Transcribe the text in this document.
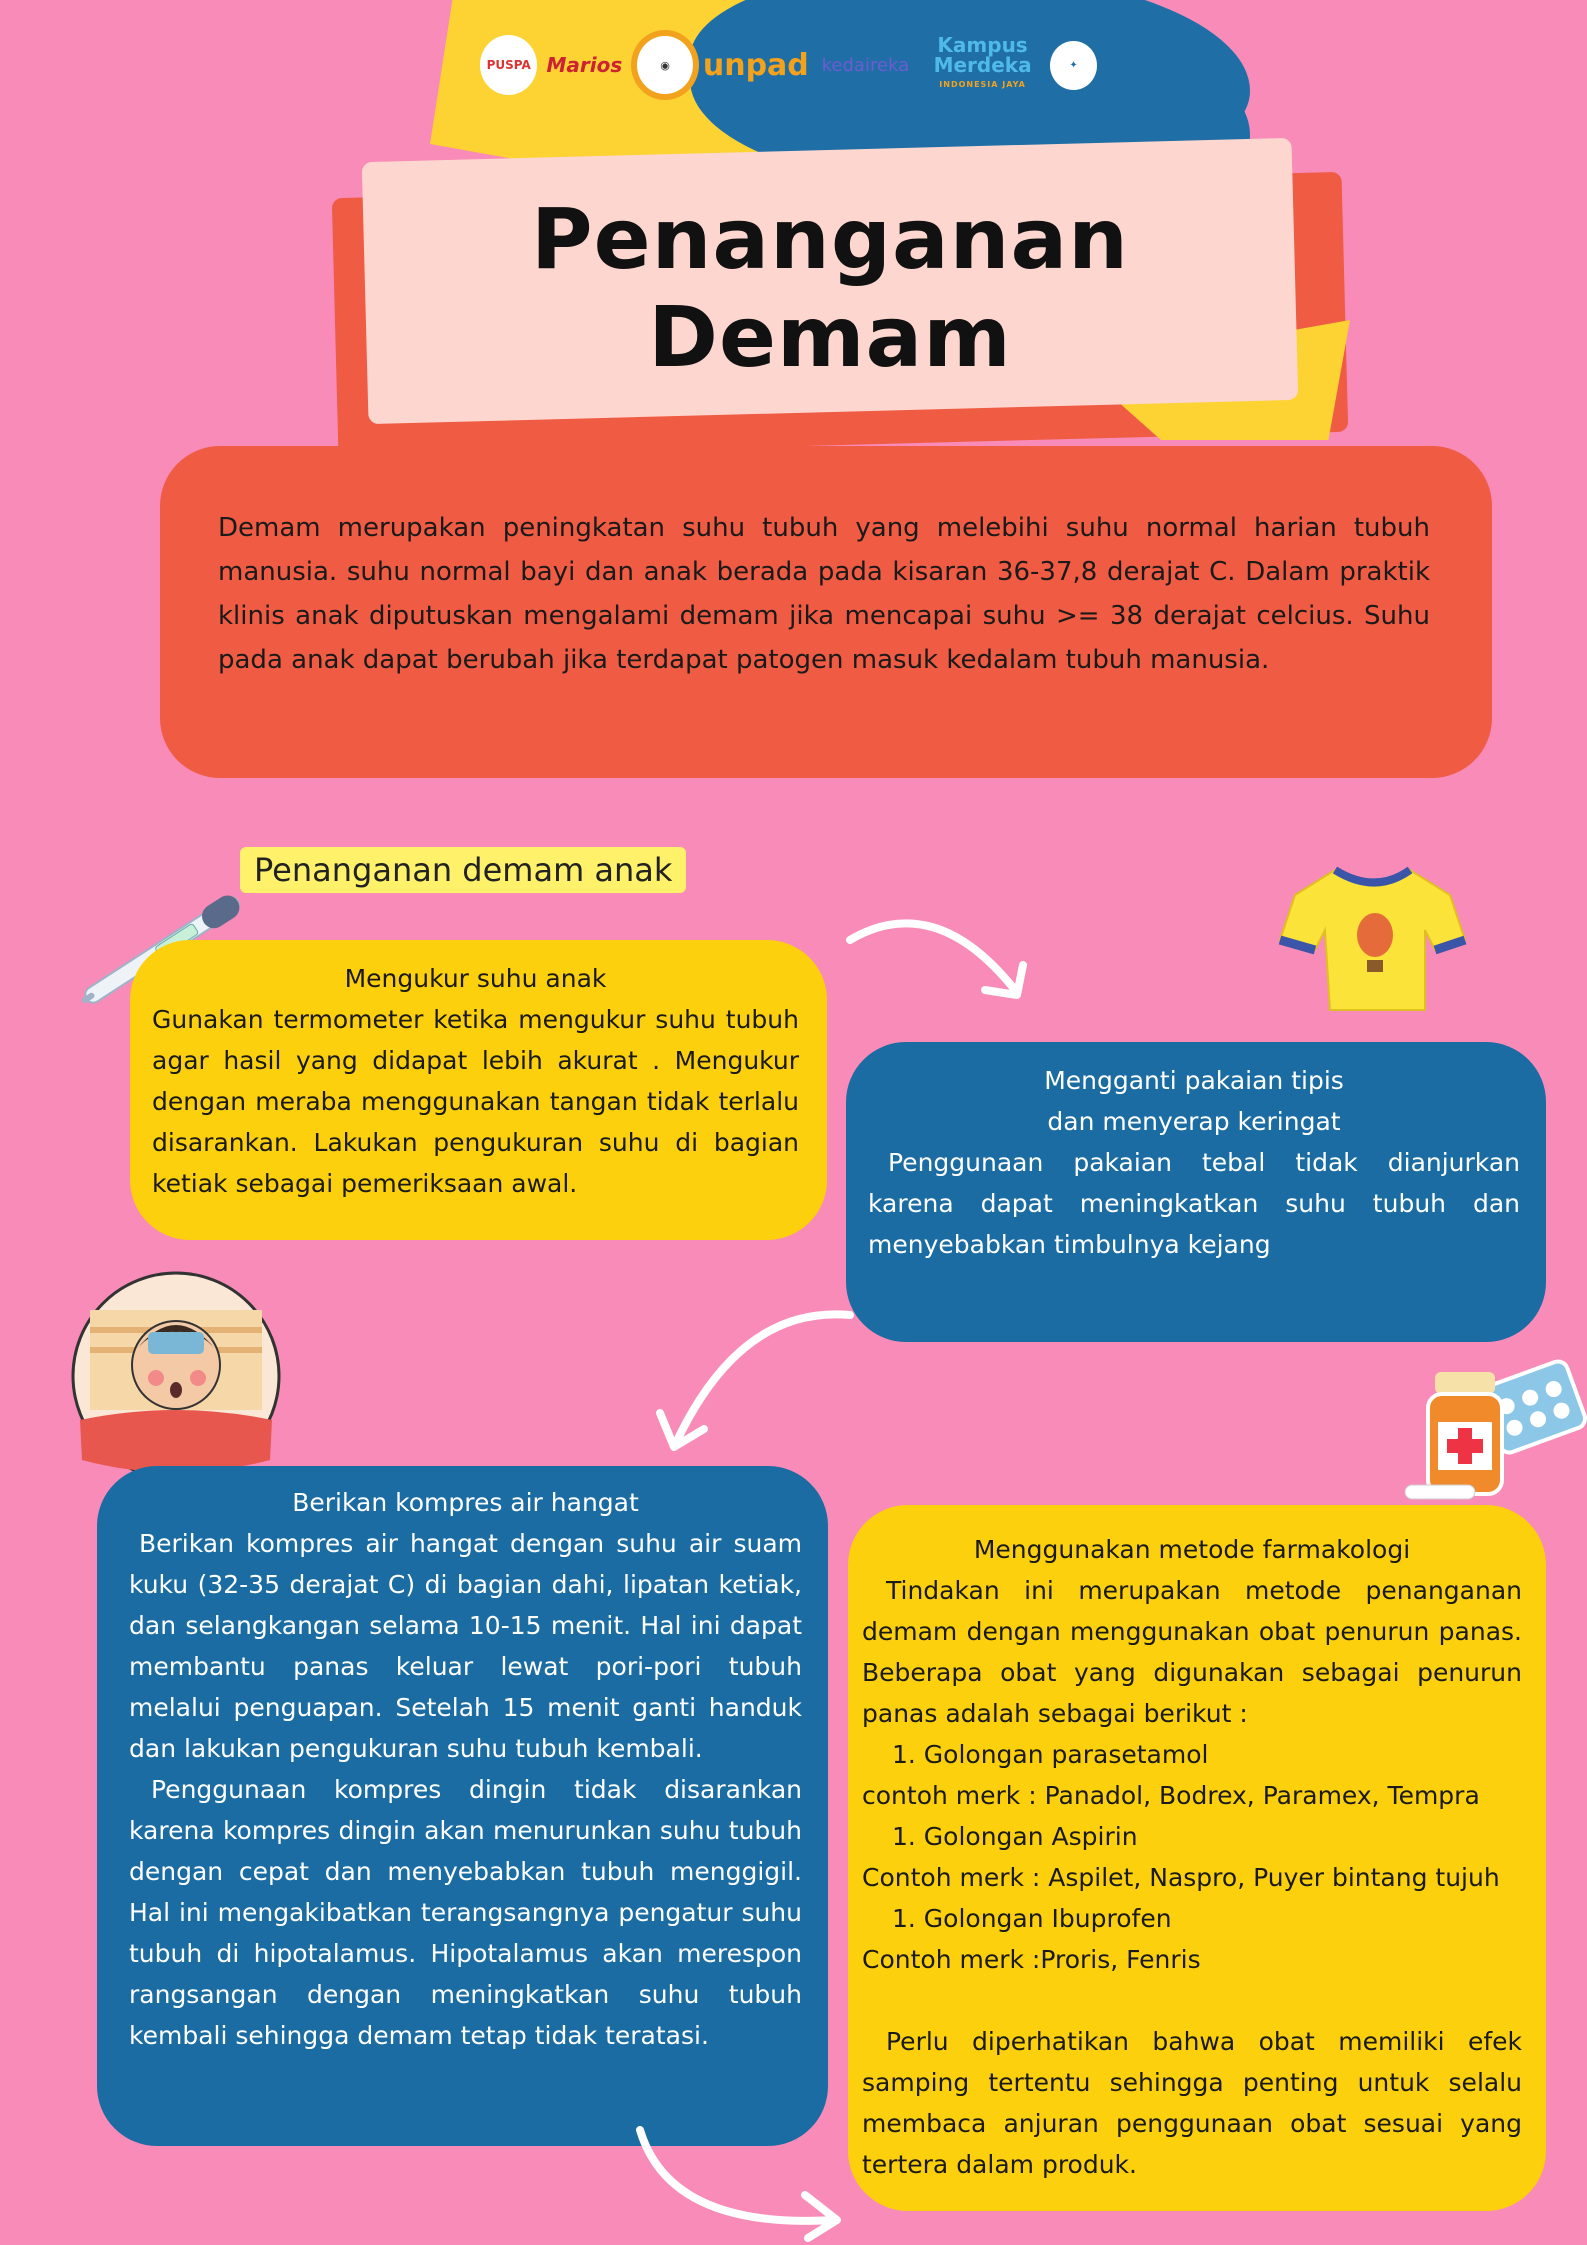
Penanganan Demam
PUSPA Marios	◉	unpad kedaireka
Kampus
Merdeka
INDONESIA JAYA
✦
Demam merupakan peningkatan suhu tubuh yang melebihi suhu normal harian tubuh manusia. suhu normal bayi dan anak berada pada kisaran 36-37,8 derajat C. Dalam praktik klinis anak diputuskan mengalami demam jika mencapai suhu >= 38 derajat celcius. Suhu pada anak dapat berubah jika terdapat patogen masuk kedalam tubuh manusia.
Penanganan demam anak
Mengukur suhu anak
Gunakan termometer ketika mengukur suhu tubuh agar hasil yang didapat lebih akurat . Mengukur dengan meraba menggunakan tangan tidak terlalu disarankan. Lakukan pengukuran suhu di bagian ketiak sebagai pemeriksaan awal.
Mengganti pakaian tipis
dan menyerap keringat
Penggunaan pakaian tebal tidak dianjurkan karena dapat meningkatkan suhu tubuh dan menyebabkan timbulnya kejang
Berikan kompres air hangat
Berikan kompres air hangat dengan suhu air suam kuku (32-35 derajat C) di bagian dahi, lipatan ketiak, dan selangkangan selama 10-15 menit. Hal ini dapat membantu panas keluar lewat pori-pori tubuh melalui penguapan. Setelah 15 menit ganti handuk dan lakukan pengukuran suhu tubuh kembali.
Penggunaan kompres dingin tidak disarankan karena kompres dingin akan menurunkan suhu tubuh dengan cepat dan menyebabkan tubuh menggigil. Hal ini mengakibatkan terangsangnya pengatur suhu tubuh di hipotalamus. Hipotalamus akan merespon rangsangan dengan meningkatkan suhu tubuh kembali sehingga demam tetap tidak teratasi.
Menggunakan metode farmakologi
Tindakan ini merupakan metode penanganan demam dengan menggunakan obat penurun panas. Beberapa obat yang digunakan sebagai penurun panas adalah sebagai berikut :
1. Golongan parasetamol
contoh merk : Panadol, Bodrex, Paramex, Tempra
1. Golongan Aspirin
Contoh merk : Aspilet, Naspro, Puyer bintang tujuh
1. Golongan Ibuprofen
Contoh merk :Proris, Fenris
Perlu diperhatikan bahwa obat memiliki efek samping tertentu sehingga penting untuk selalu membaca anjuran penggunaan obat sesuai yang tertera dalam produk.
